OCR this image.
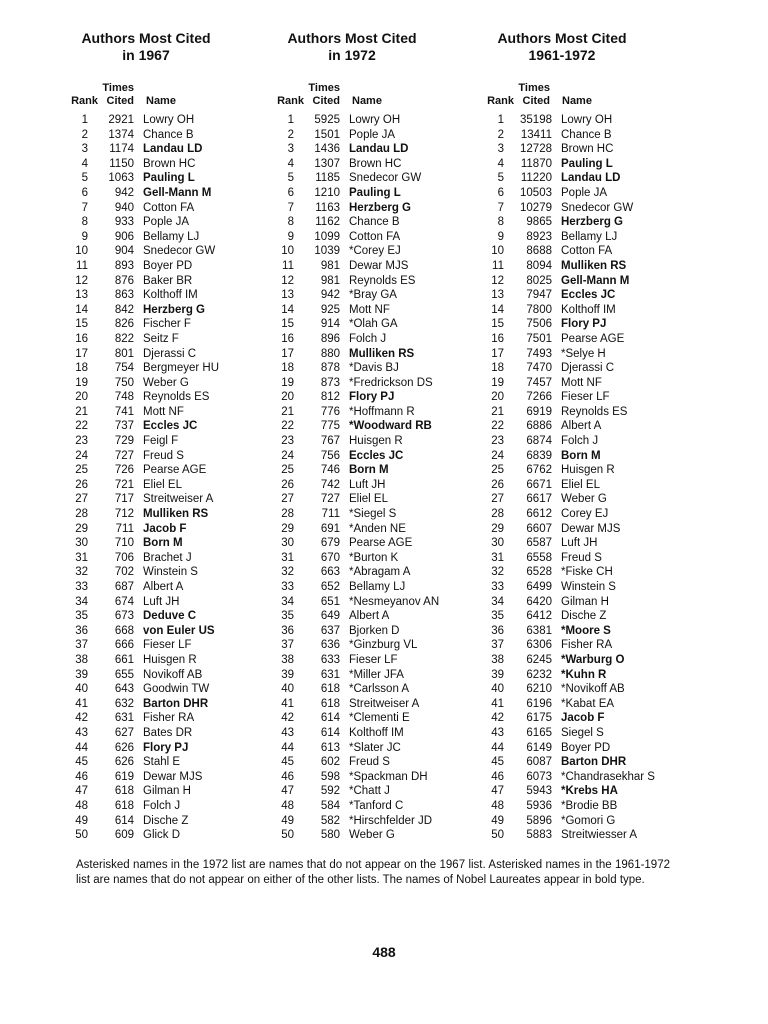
Authors Most Cited
in 1967
Rank
Times
Cited Name
1	2921 Lowry OH
2	1374 Chance B
3	1174 Landau LD
4	1150 Brown HC
5	1063 Pauling L
6	942 Gell-Mann M
7	940 Cotton FA
8	933 Pople JA
9	906 Bellamy LJ
10	904 Snedecor GW
11	893 Boyer PD
12	876 Baker BR
13	863 Kolthoff IM
14	842 Herzberg G
15	826 Fischer F
16	822 Seitz F
17	801 Djerassi C
18	754 Bergmeyer HU
19	750 Weber G
20	748 Reynolds ES
21	741 Mott NF
22	737 Eccles JC
23	729 Feigl F
24	727 Freud S
25	726 Pearse AGE
26	721 Eliel EL
27	717 Streitweiser A
28	712 Mulliken RS
29	711 Jacob F
30	710 Born M
31	706 Brachet J
32	702 Winstein S
33	687 Albert A
34	674 Luft JH
35	673 Deduve C
36	668 von Euler US
37	666 Fieser LF
38	661 Huisgen R
39	655 Novikoff AB
40	643 Goodwin TW
41	632 Barton DHR
42	631 Fisher RA
43	627 Bates DR
44	626 Flory PJ
45	626 Stahl E
46	619 Dewar MJS
47	618 Gilman H
48	618 Folch J
49	614 Dische Z
50	609 Glick D
Authors Most Cited
in 1972
Rank
Times
Cited Name
1	5925 Lowry OH
2	1501 Pople JA
3	1436 Landau LD
4	1307 Brown HC
5	1185 Snedecor GW
6	1210 Pauling L
7	1163 Herzberg G
8	1162 Chance B
9	1099 Cotton FA
10	1039 *Corey EJ
11	981 Dewar MJS
12	981 Reynolds ES
13	942 *Bray GA
14	925 Mott NF
15	914 *Olah GA
16	896 Folch J
17	880 Mulliken RS
18	878 *Davis BJ
19	873 *Fredrickson DS
20	812 Flory PJ
21	776 *Hoffmann R
22	775 *Woodward RB
23	767 Huisgen R
24	756 Eccles JC
25	746 Born M
26	742 Luft JH
27	727 Eliel EL
28	711 *Siegel S
29	691 *Anden NE
30	679 Pearse AGE
31	670 *Burton K
32	663 *Abragam A
33	652 Bellamy LJ
34	651 *Nesmeyanov AN
35	649 Albert A
36	637 Bjorken D
37	636 *Ginzburg VL
38	633 Fieser LF
39	631 *Miller JFA
40	618 *Carlsson A
41	618 Streitweiser A
42	614 *Clementi E
43	614 Kolthoff IM
44	613 *Slater JC
45	602 Freud S
46	598 *Spackman DH
47	592 *Chatt J
48	584 *Tanford C
49	582 *Hirschfelder JD
50	580 Weber G
Authors Most Cited
1961-1972
Rank
Times
Cited Name
1	35198 Lowry OH
2	13411 Chance B
3	12728 Brown HC
4	11870 Pauling L
5	11220 Landau LD
6	10503 Pople JA
7	10279 Snedecor GW
8	9865 Herzberg G
9	8923 Bellamy LJ
10	8688 Cotton FA
11	8094 Mulliken RS
12	8025 Gell-Mann M
13	7947 Eccles JC
14	7800 Kolthoff IM
15	7506 Flory PJ
16	7501 Pearse AGE
17	7493 *Selye H
18	7470 Djerassi C
19	7457 Mott NF
20	7266 Fieser LF
21	6919 Reynolds ES
22	6886 Albert A
23	6874 Folch J
24	6839 Born M
25	6762 Huisgen R
26	6671 Eliel EL
27	6617 Weber G
28	6612 Corey EJ
29	6607 Dewar MJS
30	6587 Luft JH
31	6558 Freud S
32	6528 *Fiske CH
33	6499 Winstein S
34	6420 Gilman H
35	6412 Dische Z
36	6381 *Moore S
37	6306 Fisher RA
38	6245 *Warburg O
39	6232 *Kuhn R
40	6210 *Novikoff AB
41	6196 *Kabat EA
42	6175 Jacob F
43	6165 Siegel S
44	6149 Boyer PD
45	6087 Barton DHR
46	6073 *Chandrasekhar S
47	5943 *Krebs HA
48	5936 *Brodie BB
49	5896 *Gomori G
50	5883 Streitwiesser A

Asterisked names in the 1972 list are names that do not appear on the 1967 list. Asterisked names in the 1961-1972 list are names that do not appear on either of the other lists. The names of Nobel Laureates appear in bold type.

488
